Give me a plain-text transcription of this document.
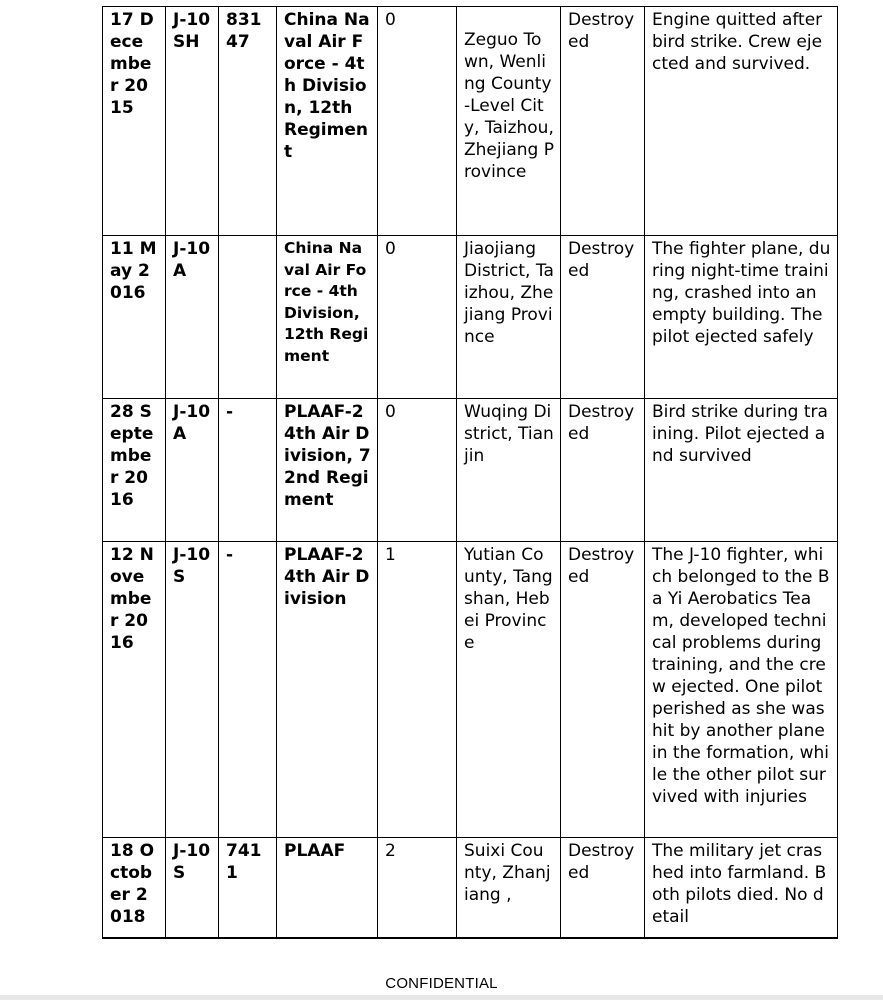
17 December 2015	J-10SH	83147	China Naval Air Force - 4th Division, 12th Regiment	0	Zeguo Town, Wenling County-Level City, Taizhou, Zhejiang Province	Destroyed	Engine quitted after bird strike. Crew ejected and survived.
11 May 2016	J-10A		China Naval Air Force - 4th Division, 12th Regiment	0	Jiaojiang District, Taizhou, Zhejiang Province	Destroyed	The fighter plane, during night-time training, crashed into an empty building. The pilot ejected safely
28 September 2016	J-10A	-	PLAAF-24th Air Division, 72nd Regiment	0	Wuqing District, Tianjin	Destroyed	Bird strike during training. Pilot ejected and survived
12 November 2016	J-10S	-	PLAAF-24th Air Division	1	Yutian County, Tangshan, Hebei Province	Destroyed	The J-10 fighter, which belonged to the Ba Yi Aerobatics Team, developed technical problems during training, and the crew ejected. One pilot perished as she was hit by another plane in the formation, while the other pilot survived with injuries
18 October 2018	J-10S	7411	PLAAF	2	Suixi County, Zhanjiang ,	Destroyed	The military jet crashed into farmland. Both pilots died. No detail
CONFIDENTIAL
